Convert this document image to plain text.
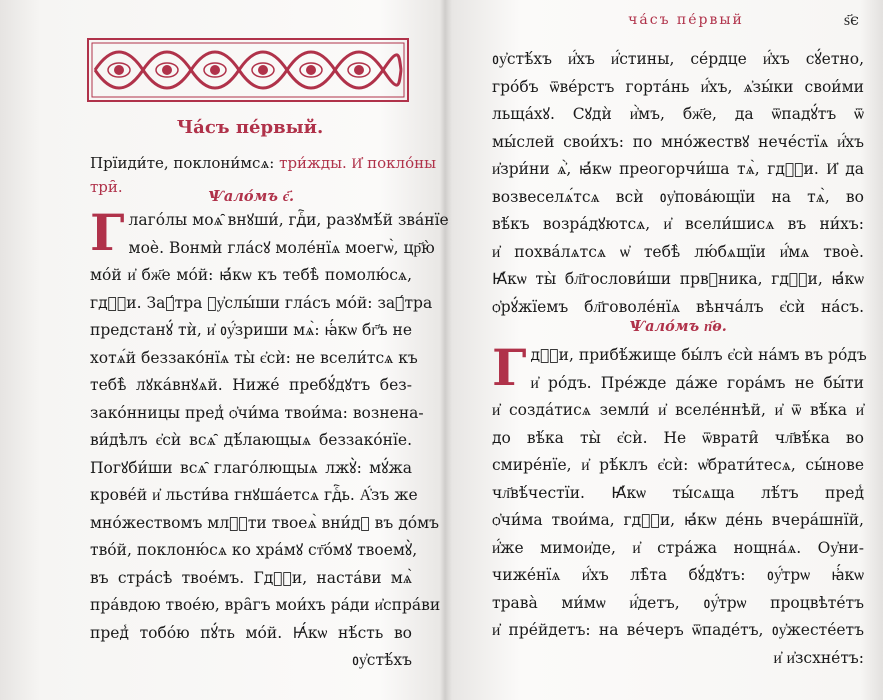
Ча́съ пе́рвый.
Прїиди́те, поклони́мсѧ: три́жды. И҆ покло́ны
три̑.
Ѱало́мъ є҃.
Г лаго́лы моѧ̑ внꙋши́, гдⷭ҇и, разꙋмѣ́й зва́нїе
моѐ. Вонмѝ гла́сꙋ моле́нїѧ моегѡ̀, цр҃ю̀
мо́й и҆ бж҃е мо́й: ꙗ҆́кѡ къ тебѣ̀ помолю́сѧ,
гдⷭ҇и. Заꙋ́тра ᲂу҆слы́ши гла́съ мо́й: заꙋ́тра
предстанꙋ́ тѝ, и҆ ᲂу҆́зриши мѧ̀: ꙗ҆́кѡ бг҃ъ не
хотѧ́й беззако́нїѧ ты̀ є҆сѝ: не всели́тсѧ къ
тебѣ̀ лꙋка́внꙋѧй. Ниже́ пребꙋ́дꙋтъ без-
зако́нницы пред̾ ѻ҆чи́ма твои́ма: вознена-
ви́дѣлъ є҆сѝ всѧ̑ дѣ́лающыѧ беззако́нїе.
Погꙋби́ши всѧ̑ глаго́лющыѧ лжꙋ̀: мꙋ́жа
крове́й и҆ льсти́ва гнꙋша́етсѧ гдⷭ҇ь. А҆́зъ же
мно́жествомъ млⷭ҇ти твоеѧ̀ вни́дꙋ въ до́мъ
тво́й, поклоню́сѧ ко хра́мꙋ ст҃о́мꙋ твоемꙋ̀,
въ стра́сѣ твое́мъ. Гдⷭ҇и, наста́ви мѧ̀
пра́вдою твое́ю, вра̑гъ мои́хъ ра́ди и҆спра́ви
пред̾ тобо́ю пꙋ́ть мо́й. Ꙗ҆́кѡ нѣ́сть во
ᲂу҆стѣ́хъ
ча́съ пе́рвый	ѕ҃є
ᲂу҆стѣ́хъ и҆́хъ и҆́стины, се́рдце и҆́хъ сꙋ́етно,
гро́бъ ѿве́рстъ горта́нь и҆́хъ, ѧ҆зы́ки свои́ми
льща́хꙋ. Сꙋдѝ и҆̀мъ, бж҃е, да ѿпадꙋ́тъ ѿ
мы́слей свои́хъ: по мно́жествꙋ нече́стїѧ и҆́хъ
и҆зри́ни ѧ҆̀, ꙗ҆́кѡ преогорчи́ша тѧ̀, гдⷭ҇и. И҆ да
возвеселѧ́тсѧ всѝ ᲂу҆пова́ющїи на тѧ̀, во
вѣ́къ возра́дꙋютсѧ, и҆ всели́шисѧ въ ни́хъ:
и҆ похва́лѧтсѧ ѡ҆ тебѣ̀ лю́бѧщїи и҆́мѧ твоѐ.
Ꙗ҆́кѡ ты̀ бл҃гослови́ши првⷣника, гдⷭ҇и, ꙗ҆́кѡ
ѻ҆рꙋ́жїемъ бл҃говоле́нїѧ вѣнча́лъ є҆сѝ на́съ.
Ѱало́мъ п҃ѳ.
Г дⷭ҇и, прибѣ́жище бы́лъ є҆сѝ на́мъ въ ро́дъ
и҆ ро́дъ. Пре́жде да́же гора́мъ не бы́ти
и҆ созда́тисѧ земли́ и҆ вселе́ннѣй, и҆ ѿ вѣ́ка и҆
до вѣ́ка ты̀ є҆сѝ. Не ѿврати̑ чл҃вѣ́ка во
смире́нїе, и҆ рѣ́клъ є҆сѝ: ѡ҆брати́тесѧ, сы́нове
чл҃вѣ́честїи. Ꙗ҆́кѡ ты́сѧща лѣ́тъ пред̾
ѻ҆чи́ма твои́ма, гдⷭ҇и, ꙗ҆́кѡ де́нь вчера́шнїй,
и҆́же мимои҆де, и҆ стра́жа нощна́ѧ. Оу҆ни-
чиже́нїѧ и҆́хъ лѣ̑та бꙋ́дꙋтъ: ᲂу҆́трѡ ꙗ҆́кѡ
трава̀ ми́мѡ и҆́детъ, ᲂу҆́трѡ процвѣте́тъ
и҆ пре́йдетъ: на ве́черъ ѿпаде́тъ, ᲂу҆жесте́етъ
и҆ и҆зсхне́тъ:
